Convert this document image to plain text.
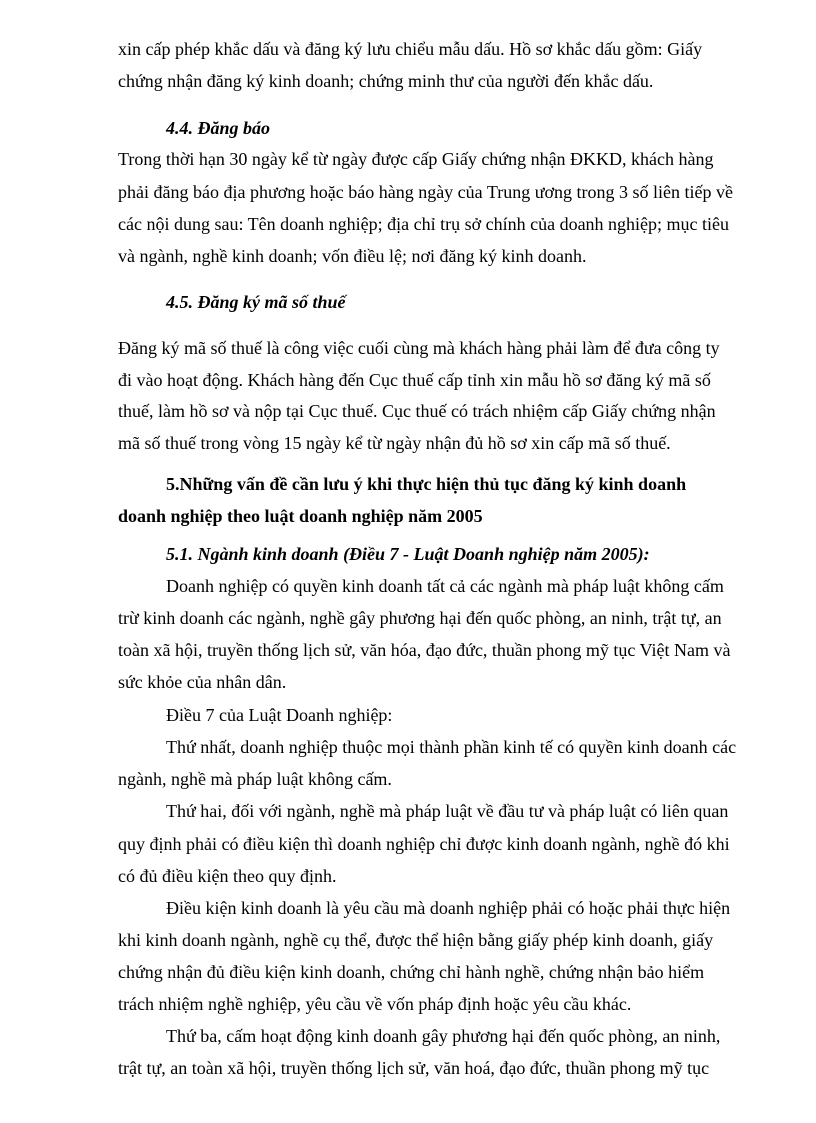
xin cấp phép khắc dấu và đăng ký lưu chiểu mẫu dấu. Hồ sơ khắc dấu gồm: Giấy
chứng nhận đăng ký kinh doanh; chứng minh thư của người đến khắc dấu.
4.4. Đăng báo
Trong thời hạn 30 ngày kể từ ngày được cấp Giấy chứng nhận ĐKKD, khách hàng
phải đăng báo địa phương hoặc báo hàng ngày của Trung ương trong 3 số liên tiếp về
các nội dung sau: Tên doanh nghiệp; địa chỉ trụ sở chính của doanh nghiệp; mục tiêu
và ngành, nghề kinh doanh; vốn điều lệ; nơi đăng ký kinh doanh.
4.5. Đăng ký mã số thuế
Đăng ký mã số thuế là công việc cuối cùng mà khách hàng phải làm để đưa công ty
đi vào hoạt động. Khách hàng đến Cục thuế cấp tỉnh xin mẫu hồ sơ đăng ký mã số
thuế, làm hồ sơ và nộp tại Cục thuế. Cục thuế có trách nhiệm cấp Giấy chứng nhận
mã số thuế trong vòng 15 ngày kể từ ngày nhận đủ hồ sơ xin cấp mã số thuế.
5.Những vấn đề cần lưu ý khi thực hiện thủ tục đăng ký kinh doanh
doanh nghiệp theo luật doanh nghiệp năm 2005
5.1. Ngành kinh doanh (Điều 7 - Luật Doanh nghiệp năm 2005):
Doanh nghiệp có quyền kinh doanh tất cả các ngành mà pháp luật không cấm
trừ kinh doanh các ngành, nghề gây phương hại đến quốc phòng, an ninh, trật tự, an
toàn xã hội, truyền thống lịch sử, văn hóa, đạo đức, thuần phong mỹ tục Việt Nam và
sức khỏe của nhân dân.
Điều 7 của Luật Doanh nghiệp:
Thứ nhất, doanh nghiệp thuộc mọi thành phần kinh tế có quyền kinh doanh các
ngành, nghề mà pháp luật không cấm.
Thứ hai, đối với ngành, nghề mà pháp luật về đầu tư và pháp luật có liên quan
quy định phải có điều kiện thì doanh nghiệp chỉ được kinh doanh ngành, nghề đó khi
có đủ điều kiện theo quy định.
Điều kiện kinh doanh là yêu cầu mà doanh nghiệp phải có hoặc phải thực hiện
khi kinh doanh ngành, nghề cụ thể, được thể hiện bằng giấy phép kinh doanh, giấy
chứng nhận đủ điều kiện kinh doanh, chứng chỉ hành nghề, chứng nhận bảo hiểm
trách nhiệm nghề nghiệp, yêu cầu về vốn pháp định hoặc yêu cầu khác.
Thứ ba, cấm hoạt động kinh doanh gây phương hại đến quốc phòng, an ninh,
trật tự, an toàn xã hội, truyền thống lịch sử, văn hoá, đạo đức, thuần phong mỹ tục
